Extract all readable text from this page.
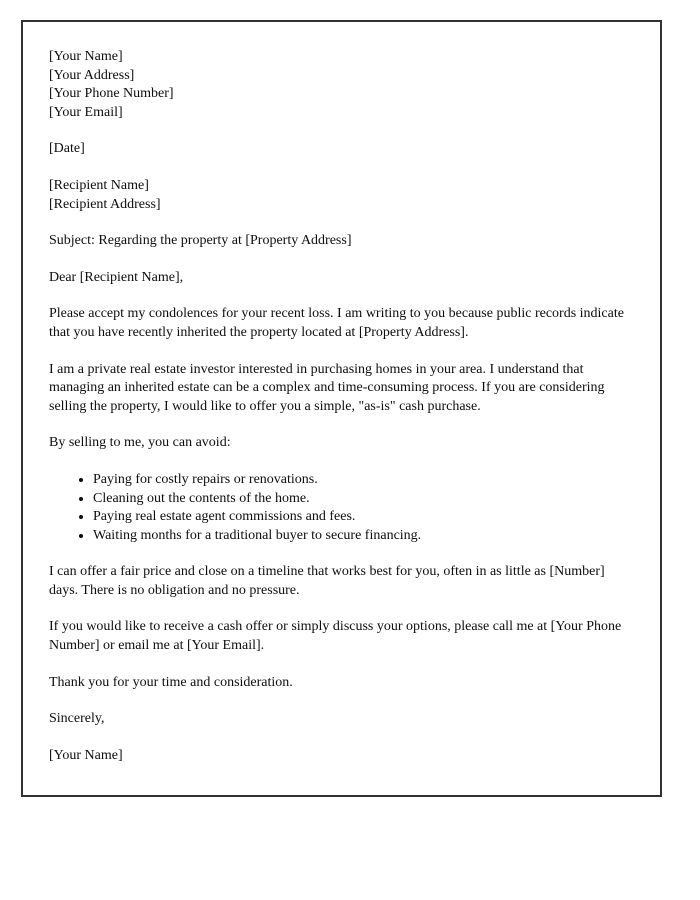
[Your Name]
[Your Address]
[Your Phone Number]
[Your Email]
[Date]
[Recipient Name]
[Recipient Address]
Subject: Regarding the property at [Property Address]
Dear [Recipient Name],
Please accept my condolences for your recent loss. I am writing to you because public records indicate that you have recently inherited the property located at [Property Address].
I am a private real estate investor interested in purchasing homes in your area. I understand that managing an inherited estate can be a complex and time-consuming process. If you are considering selling the property, I would like to offer you a simple, "as-is" cash purchase.
By selling to me, you can avoid:
• Paying for costly repairs or renovations.
• Cleaning out the contents of the home.
• Paying real estate agent commissions and fees.
• Waiting months for a traditional buyer to secure financing.
I can offer a fair price and close on a timeline that works best for you, often in as little as [Number] days. There is no obligation and no pressure.
If you would like to receive a cash offer or simply discuss your options, please call me at [Your Phone Number] or email me at [Your Email].
Thank you for your time and consideration.
Sincerely,
[Your Name]
